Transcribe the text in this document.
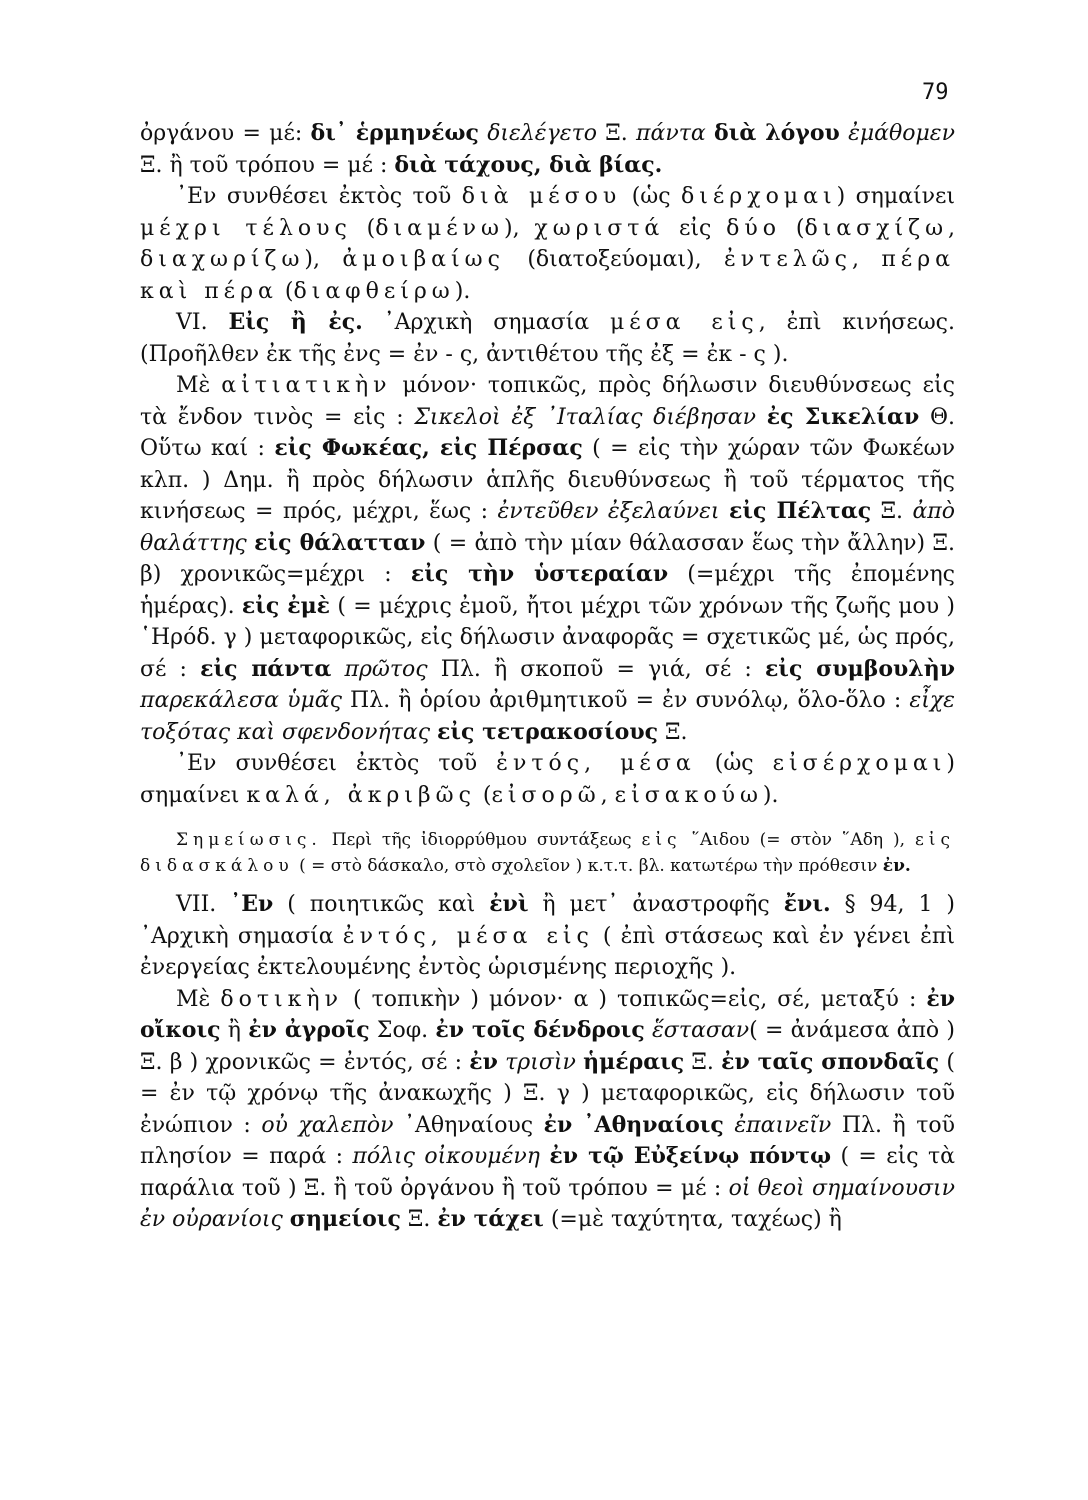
79

ὀργάνου = μέ: δι᾽ ἑρμηνέως διελέγετο Ξ. πάντα διὰ λόγου ἐμάθομεν Ξ. ἢ τοῦ τρόπου = μέ : διὰ τάχους, διὰ βίας.

᾽Εν συνθέσει ἐκτὸς τοῦ διὰ μέσου (ὡς διέρχομαι) σημαίνει μέχρι τέλους (διαμένω), χωριστά εἰς δύο (διασχίζω, διαχωρίζω), ἀμοιβαίως (διατοξεύομαι), ἐντελῶς, πέρα καὶ πέρα (διαφθείρω).

VI. Εἰς ἢ ἐς. ᾽Αρχικὴ σημασία μέσα εἰς, ἐπὶ κινήσεως. (Προῆλθεν ἐκ τῆς ἐνς = ἐν - ς, ἀντιθέτου τῆς ἐξ = ἐκ - ς ).

Μὲ αἰτιατικὴν μόνον· τοπικῶς, πρὸς δήλωσιν διευθύνσεως εἰς τὰ ἔνδον τινὸς = εἰς : Σικελοὶ ἐξ ᾽Ιταλίας διέβησαν ἐς Σικελίαν Θ. Οὕτω καί : εἰς Φωκέας, εἰς Πέρσας ( = εἰς τὴν χώραν τῶν Φωκέων κλπ. ) Δημ. ἢ πρὸς δήλωσιν ἁπλῆς διευθύνσεως ἢ τοῦ τέρματος τῆς κινήσεως = πρός, μέχρι, ἕως : ἐντεῦθεν ἐξελαύνει εἰς Πέλτας Ξ. ἀπὸ θαλάττης εἰς θάλατταν ( = ἀπὸ τὴν μίαν θάλασσαν ἕως τὴν ἄλλην) Ξ. β) χρονικῶς=μέχρι : εἰς τὴν ὑστεραίαν (=μέχρι τῆς ἐπομένης ἡμέρας). εἰς ἐμὲ ( = μέχρις ἐμοῦ, ἤτοι μέχρι τῶν χρόνων τῆς ζωῆς μου ) ῾Ηρόδ. γ ) μεταφορικῶς, εἰς δήλωσιν ἀναφορᾶς = σχετικῶς μέ, ὡς πρός, σέ : εἰς πάντα πρῶτος Πλ. ἢ σκοποῦ = γιά, σέ : εἰς συμβουλὴν παρεκάλεσα ὑμᾶς Πλ. ἢ ὁρίου ἀριθμητικοῦ = ἐν συνόλῳ, ὅλο-ὅλο : εἶχε τοξότας καὶ σφενδονήτας εἰς τετρακοσίους Ξ.

᾽Εν συνθέσει ἐκτὸς τοῦ ἐντός, μέσα (ὡς εἰσέρχομαι) σημαίνει καλά, ἀκριβῶς (εἰσορῶ, εἰσακούω).

Σημείωσις. Περὶ τῆς ἰδιορρύθμου συντάξεως εἰς ῞Αιδου (= στὸν ῞Αδη ), εἰς διδασκάλου ( = στὸ δάσκαλο, στὸ σχολεῖον ) κ.τ.τ. βλ. κατωτέρω τὴν πρόθεσιν ἐν.

VII. ᾽Εν ( ποιητικῶς καὶ ἐνὶ ἢ μετ᾽ ἀναστροφῆς ἔνι. § 94, 1 ) ᾽Αρχικὴ σημασία ἐντός, μέσα εἰς ( ἐπὶ στάσεως καὶ ἐν γένει ἐπὶ ἐνεργείας ἐκτελουμένης ἐντὸς ὡρισμένης περιοχῆς ).

Μὲ δοτικὴν ( τοπικὴν ) μόνον· α ) τοπικῶς=εἰς, σέ, μεταξύ : ἐν οἴκοις ἢ ἐν ἀγροῖς Σοφ. ἐν τοῖς δένδροις ἕστασαν( = ἀνάμεσα ἀπὸ ) Ξ. β ) χρονικῶς = ἐντός, σέ : ἐν τρισὶν ἡμέραις Ξ. ἐν ταῖς σπονδαῖς ( = ἐν τῷ χρόνῳ τῆς ἀνακωχῆς ) Ξ. γ ) μεταφορικῶς, εἰς δήλωσιν τοῦ ἐνώπιον : οὐ χαλεπὸν ᾽Αθηναίους ἐν ᾽Αθηναίοις ἐπαινεῖν Πλ. ἢ τοῦ πλησίον = παρά : πόλις οἰκουμένη ἐν τῷ Εὐξείνῳ πόντῳ ( = εἰς τὰ παράλια τοῦ ) Ξ. ἢ τοῦ ὀργάνου ἢ τοῦ τρόπου = μέ : οἱ θεοὶ σημαίνουσιν ἐν οὐρανίοις σημείοις Ξ. ἐν τάχει (=μὲ ταχύτητα, ταχέως) ἢ
